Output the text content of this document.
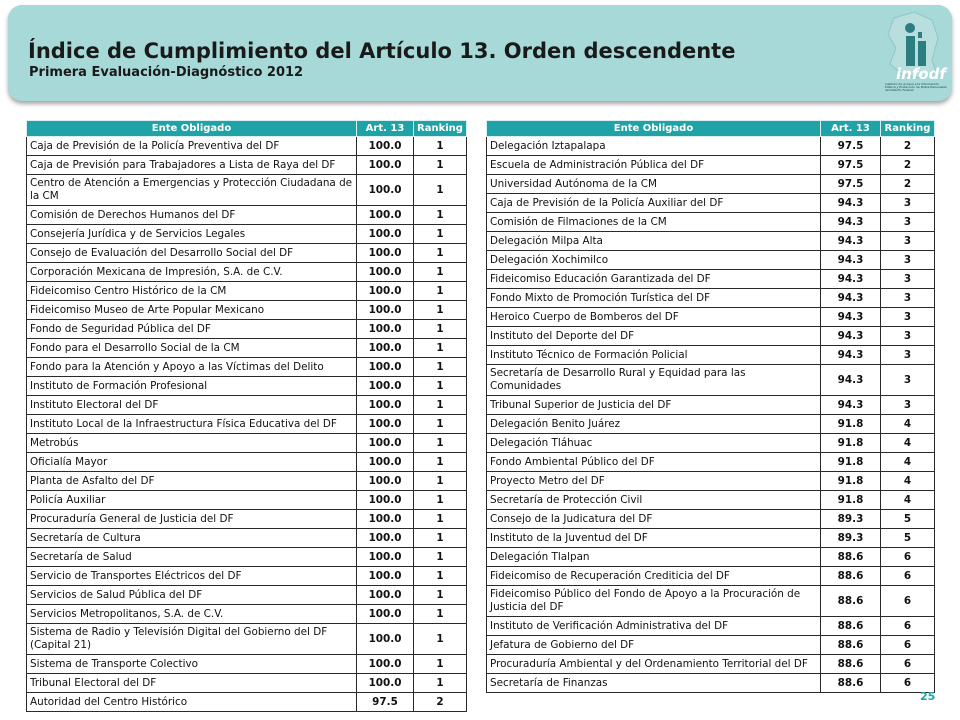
Índice de Cumplimiento del Artículo 13. Orden descendente
Primera Evaluación-Diagnóstico 2012	infodf
Instituto de Acceso a la Información Pública y Protección de Datos Personales del Distrito Federal
Ente Obligado	Art. 13	Ranking
Caja de Previsión de la Policía Preventiva del DF	100.0	1
Caja de Previsión para Trabajadores a Lista de Raya del DF	100.0	1
Centro de Atención a Emergencias y Protección Ciudadana de la CM	100.0	1
Comisión de Derechos Humanos del DF	100.0	1
Consejería Jurídica y de Servicios Legales	100.0	1
Consejo de Evaluación del Desarrollo Social del DF	100.0	1
Corporación Mexicana de Impresión, S.A. de C.V.	100.0	1
Fideicomiso Centro Histórico de la CM	100.0	1
Fideicomiso Museo de Arte Popular Mexicano	100.0	1
Fondo de Seguridad Pública del DF	100.0	1
Fondo para el Desarrollo Social de la CM	100.0	1
Fondo para la Atención y Apoyo a las Víctimas del Delito	100.0	1
Instituto de Formación Profesional	100.0	1
Instituto Electoral del DF	100.0	1
Instituto Local de la Infraestructura Física Educativa del DF	100.0	1
Metrobús	100.0	1
Oficialía Mayor	100.0	1
Planta de Asfalto del DF	100.0	1
Policía Auxiliar	100.0	1
Procuraduría General de Justicia del DF	100.0	1
Secretaría de Cultura	100.0	1
Secretaría de Salud	100.0	1
Servicio de Transportes Eléctricos del DF	100.0	1
Servicios de Salud Pública del DF	100.0	1
Servicios Metropolitanos, S.A. de C.V.	100.0	1
Sistema de Radio y Televisión Digital del Gobierno del DF (Capital 21)	100.0	1
Sistema de Transporte Colectivo	100.0	1
Tribunal Electoral del DF	100.0	1
Autoridad del Centro Histórico	97.5	2
Ente Obligado	Art. 13	Ranking
Delegación Iztapalapa	97.5	2
Escuela de Administración Pública del DF	97.5	2
Universidad Autónoma de la CM	97.5	2
Caja de Previsión de la Policía Auxiliar del DF	94.3	3
Comisión de Filmaciones de la CM	94.3	3
Delegación Milpa Alta	94.3	3
Delegación Xochimilco	94.3	3
Fideicomiso Educación Garantizada del DF	94.3	3
Fondo Mixto de Promoción Turística del DF	94.3	3
Heroico Cuerpo de Bomberos del DF	94.3	3
Instituto del Deporte del DF	94.3	3
Instituto Técnico de Formación Policial	94.3	3
Secretaría de Desarrollo Rural y Equidad para las Comunidades	94.3	3
Tribunal Superior de Justicia del DF	94.3	3
Delegación Benito Juárez	91.8	4
Delegación Tláhuac	91.8	4
Fondo Ambiental Público del DF	91.8	4
Proyecto Metro del DF	91.8	4
Secretaría de Protección Civil	91.8	4
Consejo de la Judicatura del DF	89.3	5
Instituto de la Juventud del DF	89.3	5
Delegación Tlalpan	88.6	6
Fideicomiso de Recuperación Crediticia del DF	88.6	6
Fideicomiso Público del Fondo de Apoyo a la Procuración de Justicia del DF	88.6	6
Instituto de Verificación Administrativa del DF	88.6	6
Jefatura de Gobierno del DF	88.6	6
Procuraduría Ambiental y del Ordenamiento Territorial del DF	88.6	6
Secretaría de Finanzas	88.6	6
25
